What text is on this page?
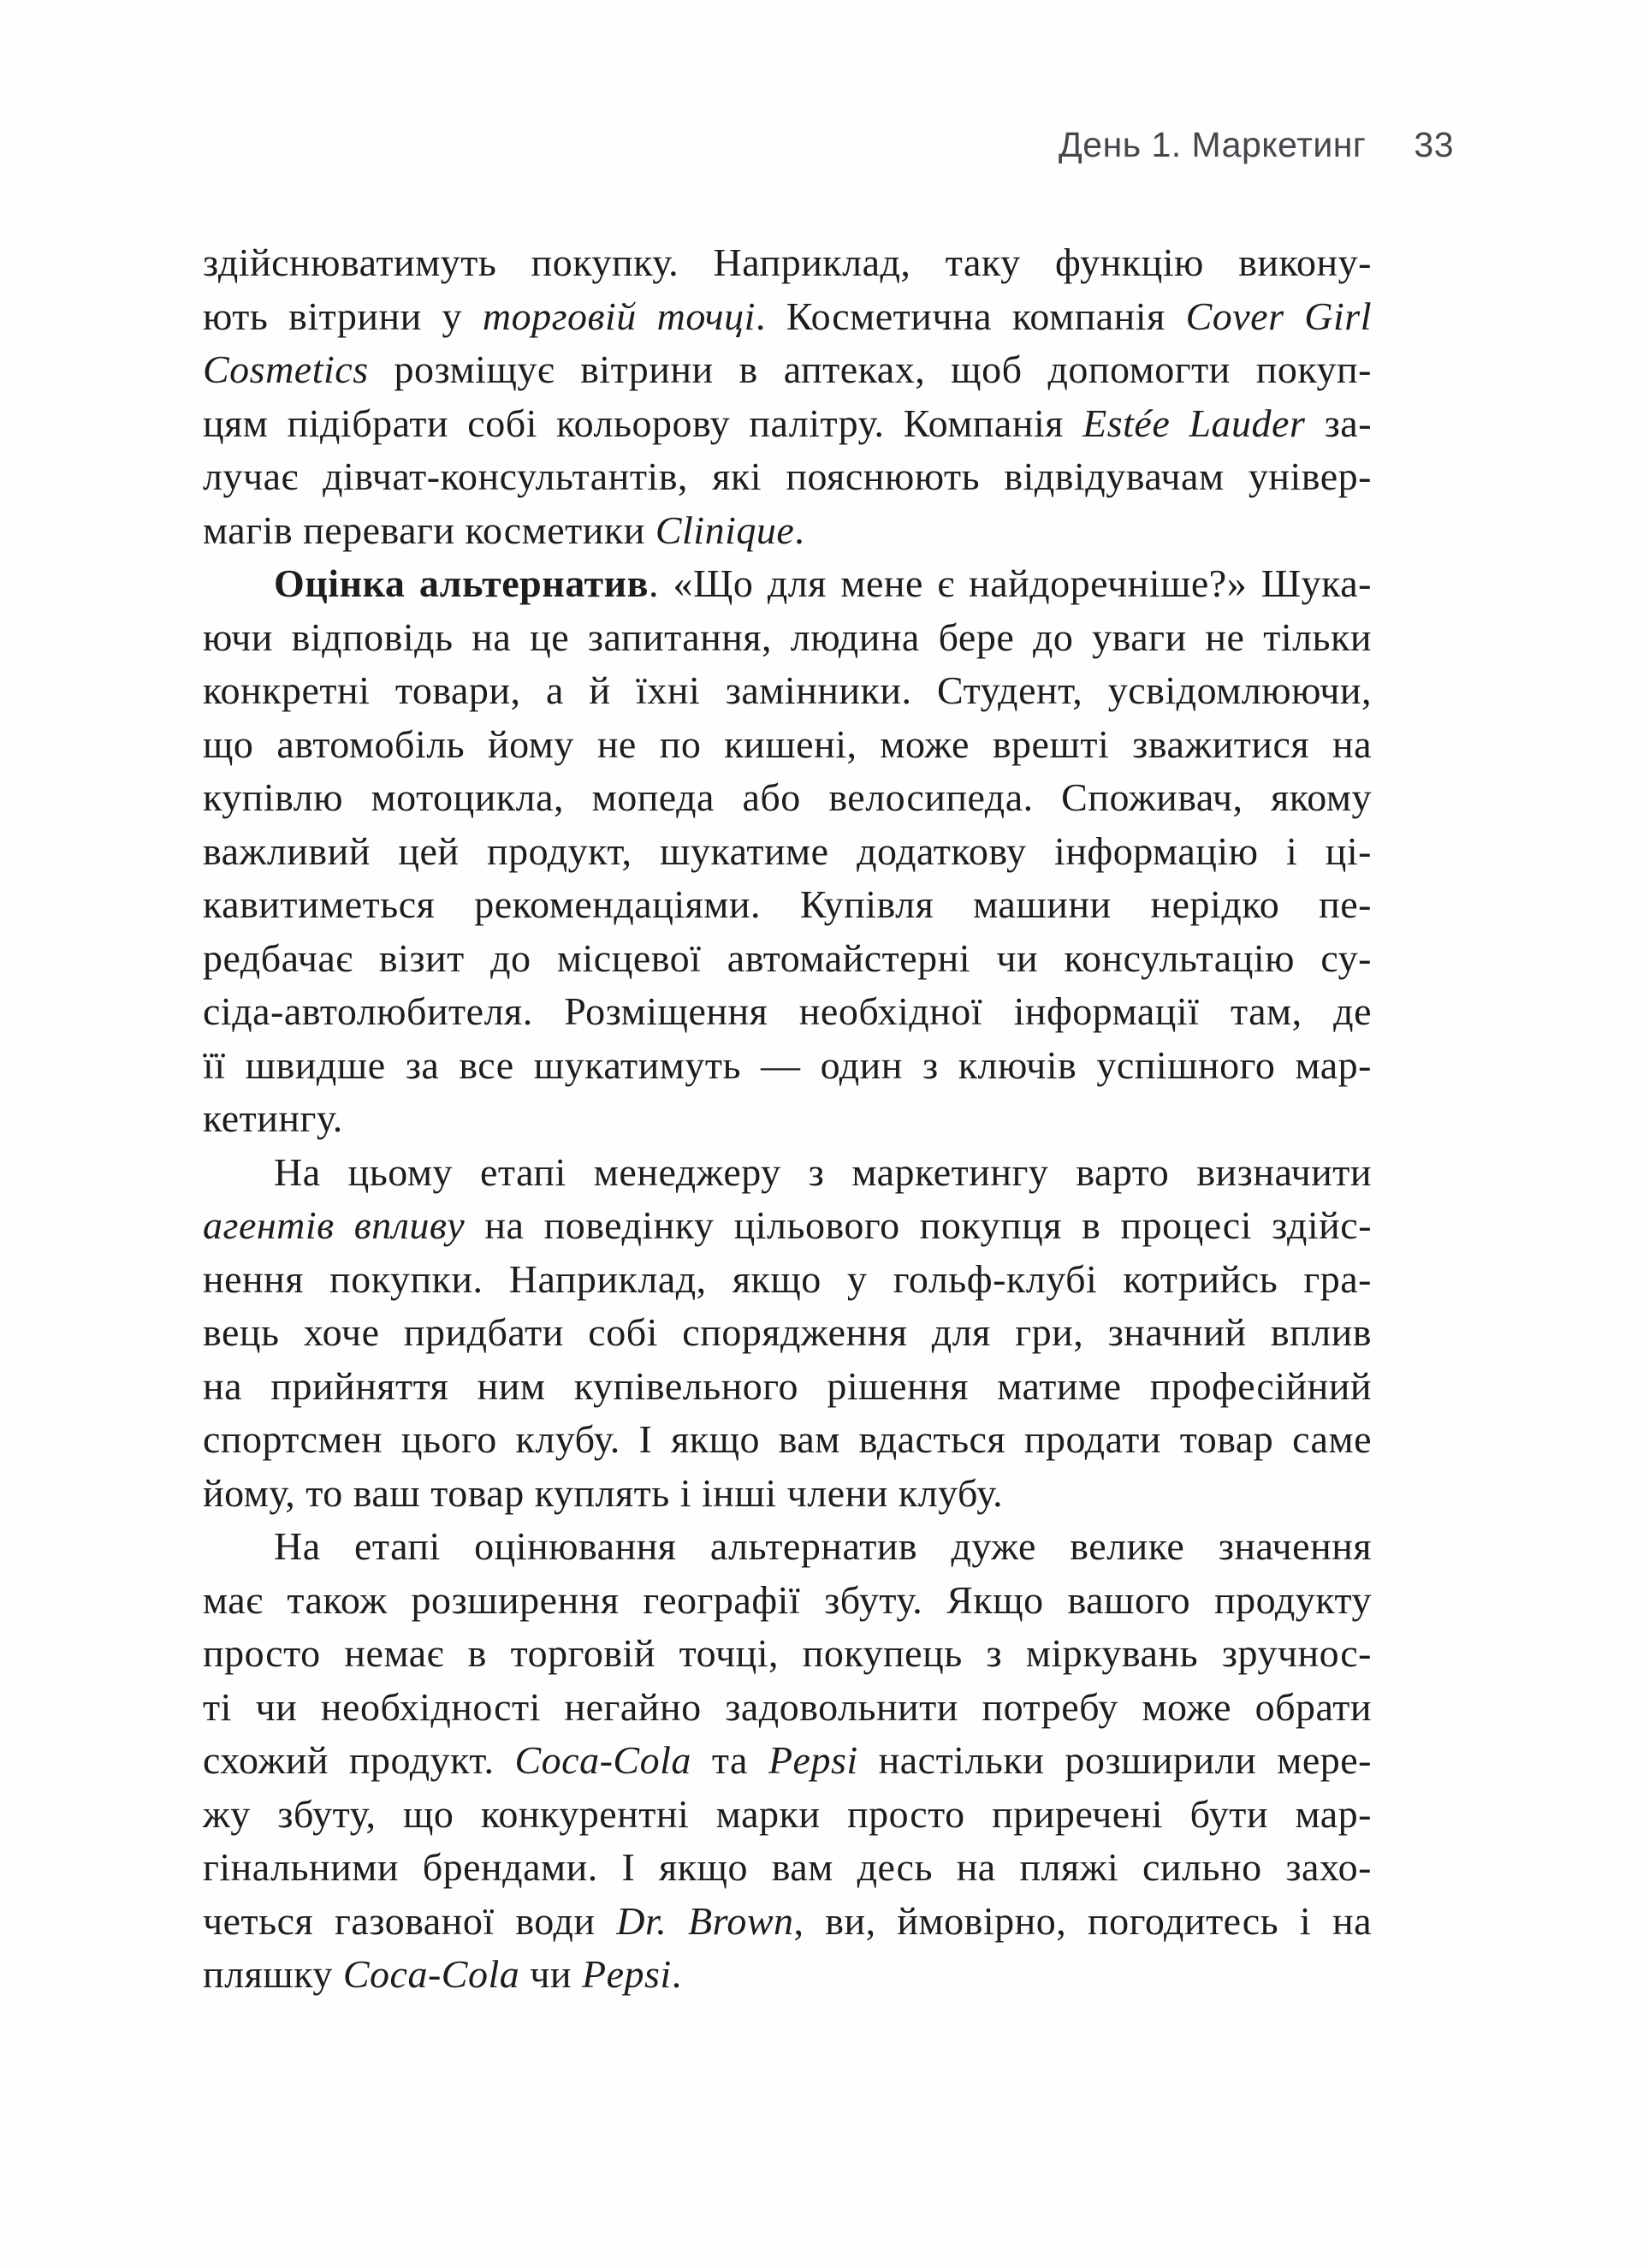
День 1. Маркетинг 33
здійснюватимуть покупку. Наприклад, таку функцію викону-
ють вітрини у торговій точці. Косметична компанія Cover Girl
Cosmetics розміщує вітрини в аптеках, щоб допомогти покуп-
цям підібрати собі кольорову палітру. Компанія Estée Lauder за-
лучає дівчат-консультантів, які пояснюють відвідувачам універ-
магів переваги косметики Clinique.
Оцінка альтернатив. «Що для мене є найдоречніше?» Шука-
ючи відповідь на це запитання, людина бере до уваги не тільки
конкретні товари, а й їхні замінники. Студент, усвідомлюючи,
що автомобіль йому не по кишені, може врешті зважитися на
купівлю мотоцикла, мопеда або велосипеда. Споживач, якому
важливий цей продукт, шукатиме додаткову інформацію і ці-
кавитиметься рекомендаціями. Купівля машини нерідко пе-
редбачає візит до місцевої автомайстерні чи консультацію су-
сіда-автолюбителя. Розміщення необхідної інформації там, де
її швидше за все шукатимуть — один з ключів успішного мар-
кетингу.
На цьому етапі менеджеру з маркетингу варто визначити
агентів впливу на поведінку цільового покупця в процесі здійс-
нення покупки. Наприклад, якщо у гольф-клубі котрийсь гра-
вець хоче придбати собі спорядження для гри, значний вплив
на прийняття ним купівельного рішення матиме професійний
спортсмен цього клубу. І якщо вам вдасться продати товар саме
йому, то ваш товар куплять і інші члени клубу.
На етапі оцінювання альтернатив дуже велике значення
має також розширення географії збуту. Якщо вашого продукту
просто немає в торговій точці, покупець з міркувань зручнос-
ті чи необхідності негайно задовольнити потребу може обрати
схожий продукт. Coca-Cola та Pepsi настільки розширили мере-
жу збуту, що конкурентні марки просто приречені бути мар-
гінальними брендами. І якщо вам десь на пляжі сильно захо-
четься газованої води Dr. Brown, ви, ймовірно, погодитесь і на
пляшку Coca-Cola чи Pepsi.
